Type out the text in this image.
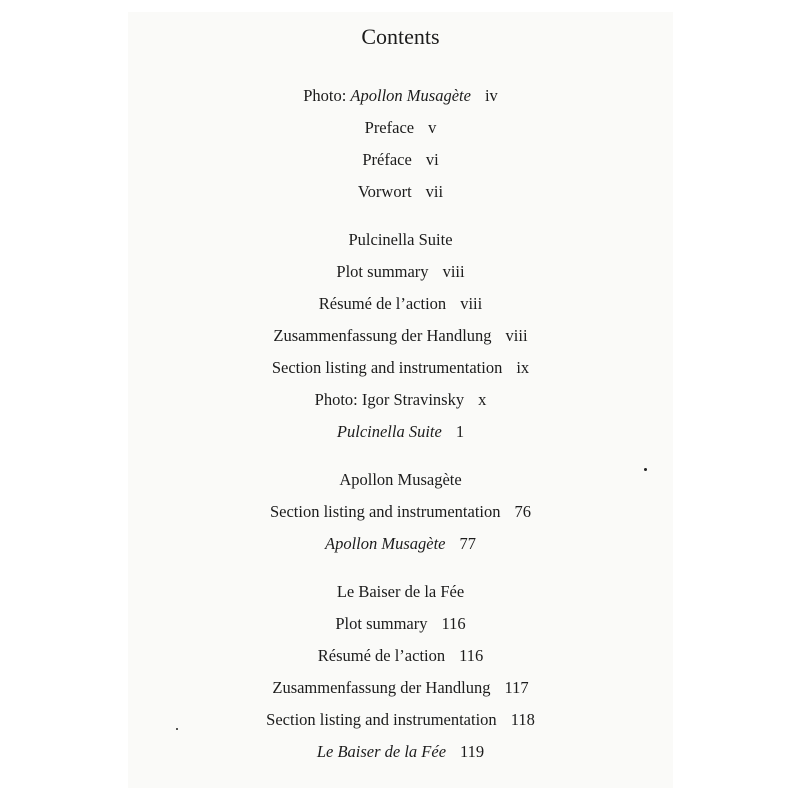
Contents
Photo: Apollon Musagète iv
Preface v
Préface vi
Vorwort vii
Pulcinella Suite
Plot summary viii
Résumé de l’action viii
Zusammenfassung der Handlung viii
Section listing and instrumentation ix
Photo: Igor Stravinsky x
Pulcinella Suite 1
Apollon Musagète
Section listing and instrumentation 76
Apollon Musagète 77
Le Baiser de la Fée
Plot summary 116
Résumé de l’action 116
Zusammenfassung der Handlung 117
Section listing and instrumentation 118
Le Baiser de la Fée 119
